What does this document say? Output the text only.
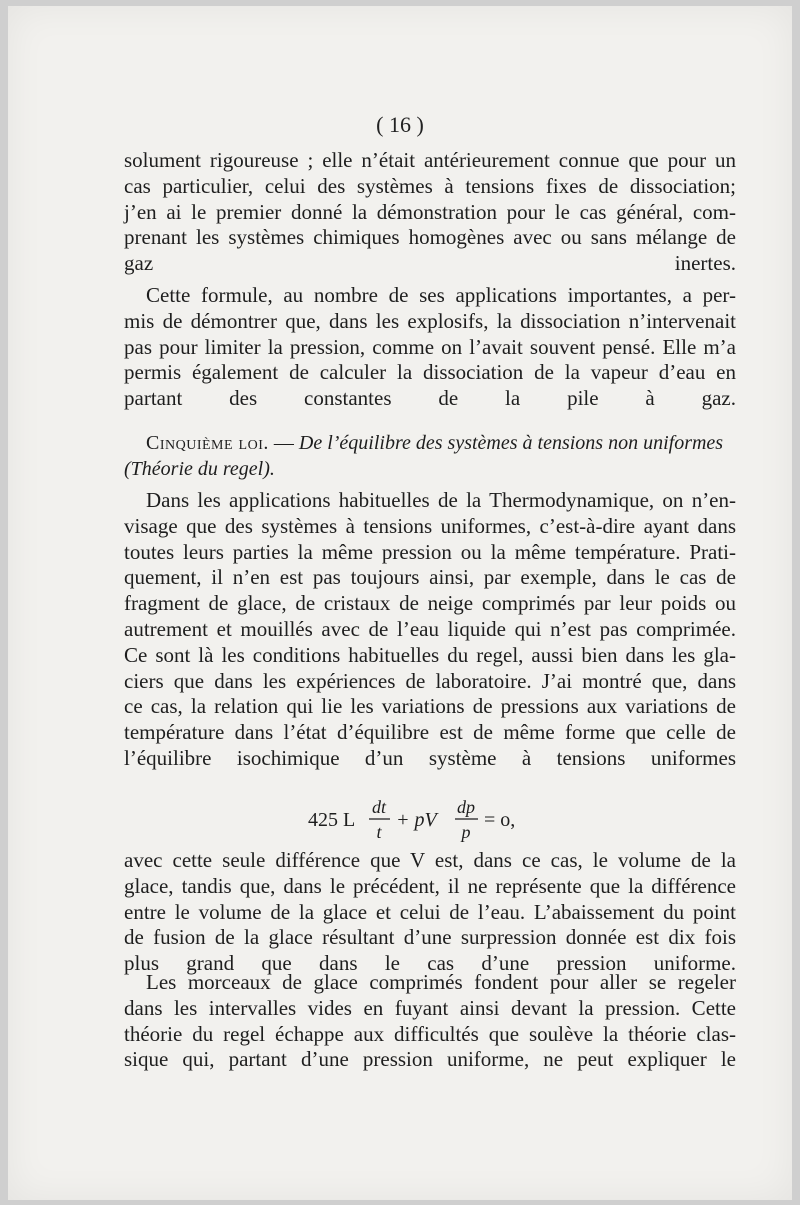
( 16 )
solument rigoureuse ; elle n’était antérieurement connue que pour un
cas particulier, celui des systèmes à tensions fixes de dissociation;
j’en ai le premier donné la démonstration pour le cas général, com-
prenant les systèmes chimiques homogènes avec ou sans mélange de
gaz inertes.
Cette formule, au nombre de ses applications importantes, a per-
mis de démontrer que, dans les explosifs, la dissociation n’intervenait
pas pour limiter la pression, comme on l’avait souvent pensé. Elle m’a
permis également de calculer la dissociation de la vapeur d’eau en
partant des constantes de la pile à gaz.
Cinquième loi. — De l’équilibre des systèmes à tensions non uniformes
(Théorie du regel).
Dans les applications habituelles de la Thermodynamique, on n’en-
visage que des systèmes à tensions uniformes, c’est-à-dire ayant dans
toutes leurs parties la même pression ou la même température. Prati-
quement, il n’en est pas toujours ainsi, par exemple, dans le cas de
fragment de glace, de cristaux de neige comprimés par leur poids ou
autrement et mouillés avec de l’eau liquide qui n’est pas comprimée.
Ce sont là les conditions habituelles du regel, aussi bien dans les gla-
ciers que dans les expériences de laboratoire. J’ai montré que, dans
ce cas, la relation qui lie les variations de pressions aux variations de
température dans l’état d’équilibre est de même forme que celle de
l’équilibre isochimique d’un système à tensions uniformes
425 L
dt
t
+ pV
dp
p
= o,
avec cette seule différence que V est, dans ce cas, le volume de la
glace, tandis que, dans le précédent, il ne représente que la différence
entre le volume de la glace et celui de l’eau. L’abaissement du point
de fusion de la glace résultant d’une surpression donnée est dix fois
plus grand que dans le cas d’une pression uniforme.
Les morceaux de glace comprimés fondent pour aller se regeler
dans les intervalles vides en fuyant ainsi devant la pression. Cette
théorie du regel échappe aux difficultés que soulève la théorie clas-
sique qui, partant d’une pression uniforme, ne peut expliquer le
